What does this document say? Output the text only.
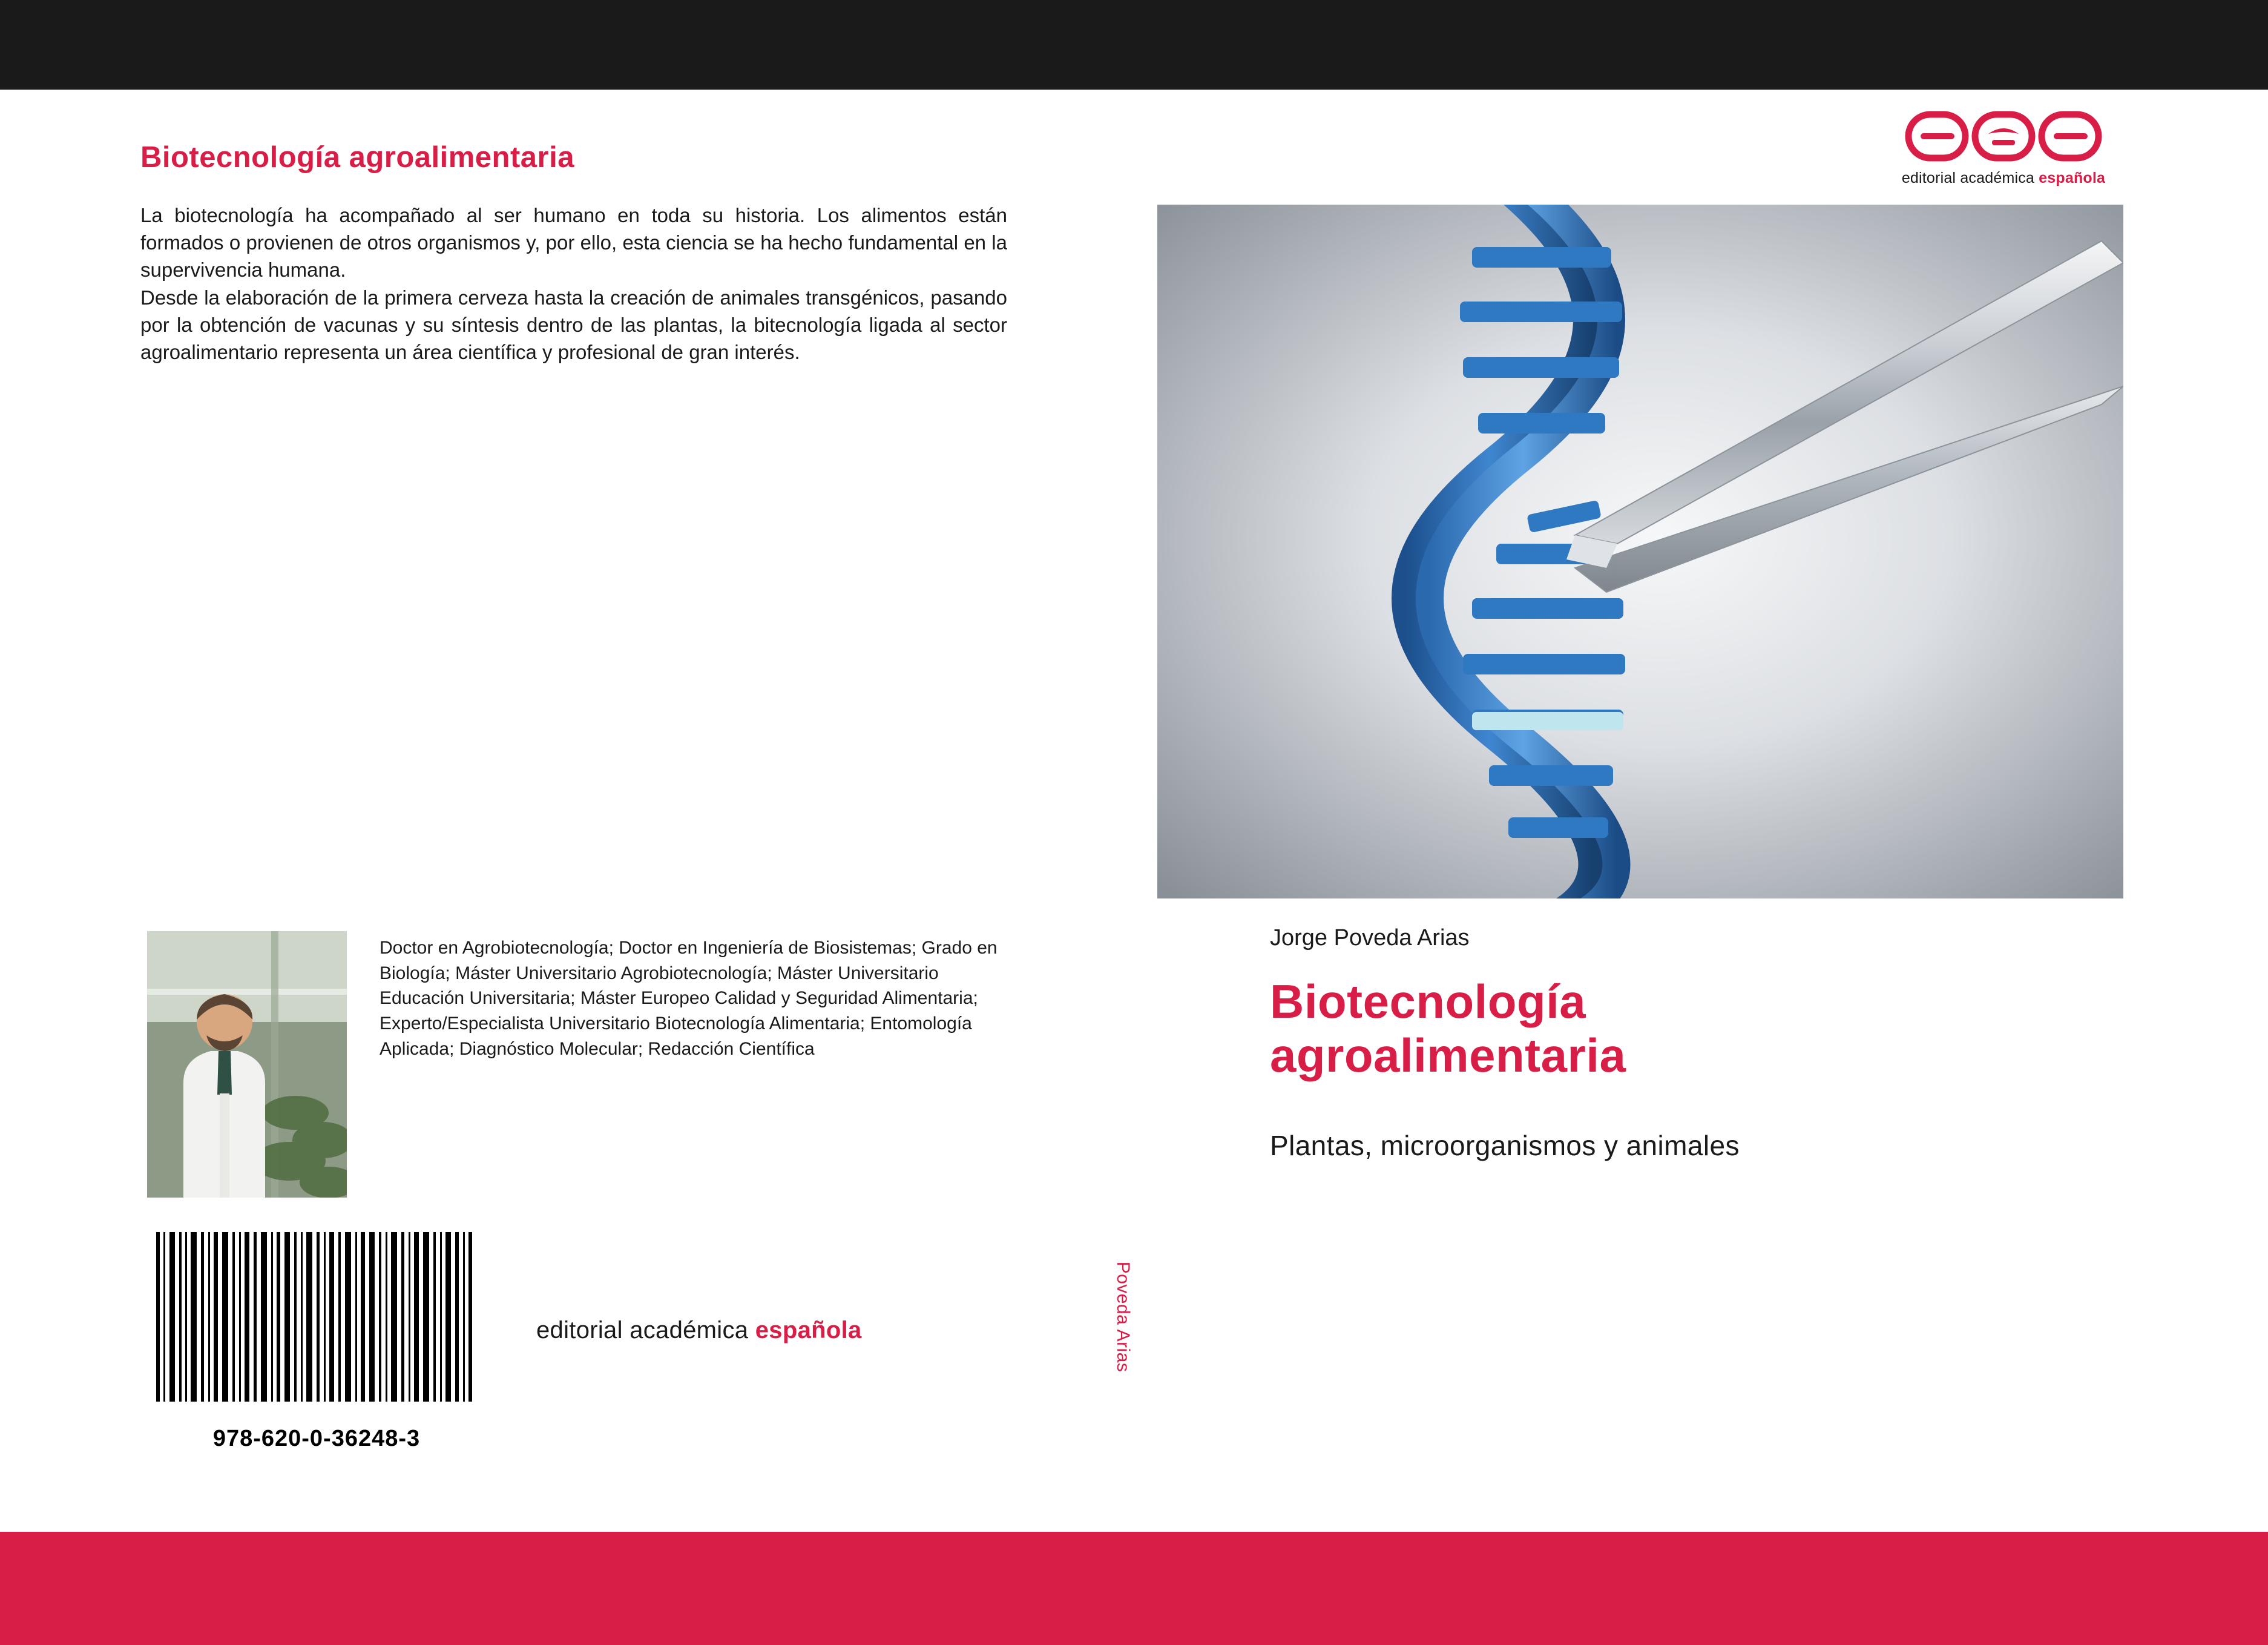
Biotecnología agroalimentaria

La biotecnología ha acompañado al ser humano en toda su historia. Los alimentos están formados o provienen de otros organismos y, por ello, esta ciencia se ha hecho fundamental en la supervivencia humana.

Desde la elaboración de la primera cerveza hasta la creación de animales transgénicos, pasando por la obtención de vacunas y su síntesis dentro de las plantas, la bitecnología ligada al sector agroalimentario representa un área científica y profesional de gran interés.

Doctor en Agrobiotecnología; Doctor en Ingeniería de Biosistemas; Grado en Biología; Máster Universitario Agrobiotecnología; Máster Universitario Educación Universitaria; Máster Europeo Calidad y Seguridad Alimentaria; Experto/Especialista Universitario Biotecnología Alimentaria; Entomología Aplicada; Diagnóstico Molecular; Redacción Científica
978-620-0-36248-3
editorial académica española	Poveda Arias
Jorge Poveda Arias
Biotecnología
agroalimentaria
Plantas, microorganismos y animales
editorial académica española
